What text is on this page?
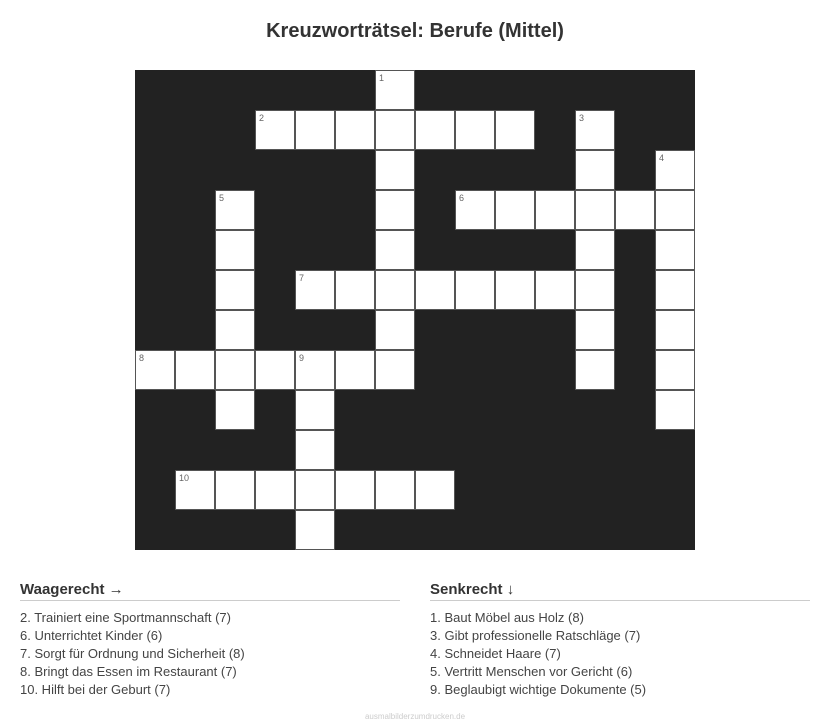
Kreuzworträtsel: Berufe (Mittel)
1
2	3
4
5	6
7
8	9
10
Waagerecht →
2. Trainiert eine Sportmannschaft (7)
6. Unterrichtet Kinder (6)
7. Sorgt für Ordnung und Sicherheit (8)
8. Bringt das Essen im Restaurant (7)
10. Hilft bei der Geburt (7)
Senkrecht ↓
1. Baut Möbel aus Holz (8)
3. Gibt professionelle Ratschläge (7)
4. Schneidet Haare (7)
5. Vertritt Menschen vor Gericht (6)
9. Beglaubigt wichtige Dokumente (5)
ausmalbilderzumdrucken.de
